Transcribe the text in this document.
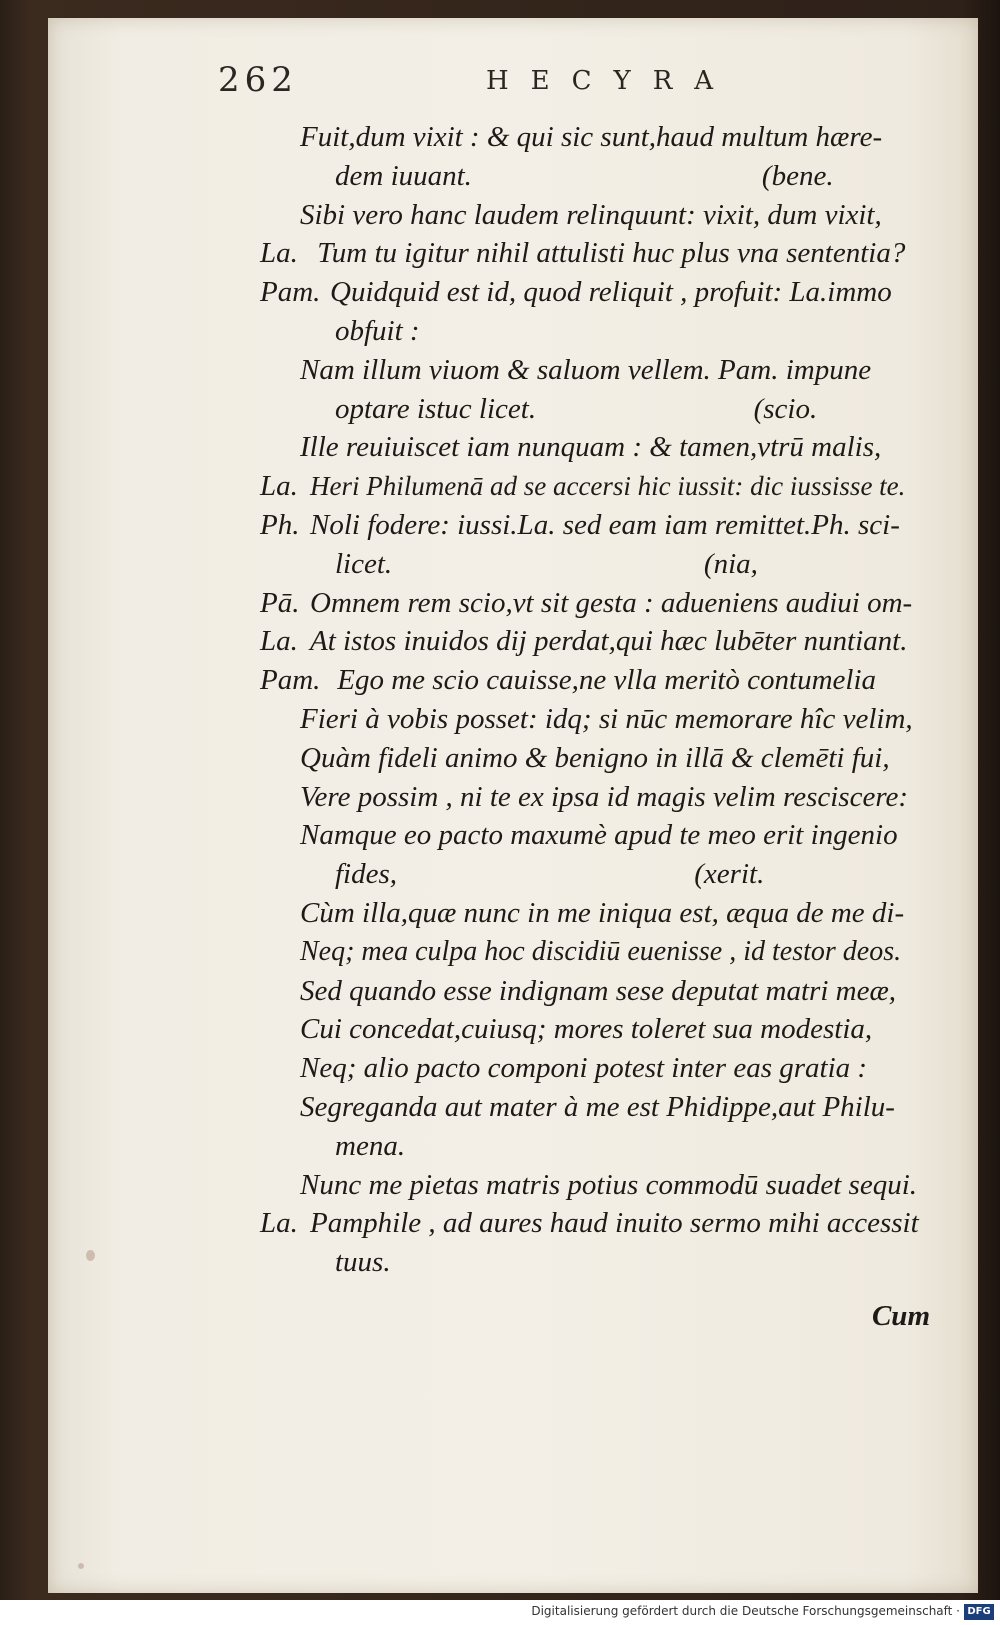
262	HECYRA
Fuit,dum vixit : & qui sic sunt,haud multum hære-
dem iuuant.                                        (bene.
Sibi vero hanc laudem relinquunt: vixit, dum vixit,
La. Tum tu igitur nihil attulisti huc plus vna sententia?
Pam. Quidquid est id, quod reliquit , profuit: La.immo
obfuit :
Nam illum viuom & saluom vellem. Pam. impune
optare istuc licet.                              (scio.
Ille reuiuiscet iam nunquam : & tamen,vtrū malis,
La. Heri Philumenā ad se accersi hic iussit: dic iussisse te.
Ph. Noli fodere: iussi.La. sed eam iam remittet.Ph. sci-
licet.                                           (nia,
Pā. Omnem rem scio,vt sit gesta : adueniens audiui om-
La. At istos inuidos dij perdat,qui hæc lubēter nuntiant.
Pam. Ego me scio cauisse,ne vlla meritò contumelia
Fieri à vobis posset: idq; si nūc memorare hîc velim,
Quàm fideli animo & benigno in illā & clemēti fui,
Vere possim , ni te ex ipsa id magis velim resciscere:
Namque eo pacto maxumè apud te meo erit ingenio
fides,                                         (xerit.
Cùm illa,quæ nunc in me iniqua est, æqua de me di-
Neq; mea culpa hoc discidiū euenisse , id testor deos.
Sed quando esse indignam sese deputat matri meæ,
Cui concedat,cuiusq; mores toleret sua modestia,
Neq; alio pacto componi potest inter eas gratia :
Segreganda aut mater à me est Phidippe,aut Philu-
mena.
Nunc me pietas matris potius commodū suadet sequi.
La. Pamphile , ad aures haud inuito sermo mihi accessit
tuus.
Cum
Digitalisierung gefördert durch die Deutsche Forschungsgemeinschaft · DFG
